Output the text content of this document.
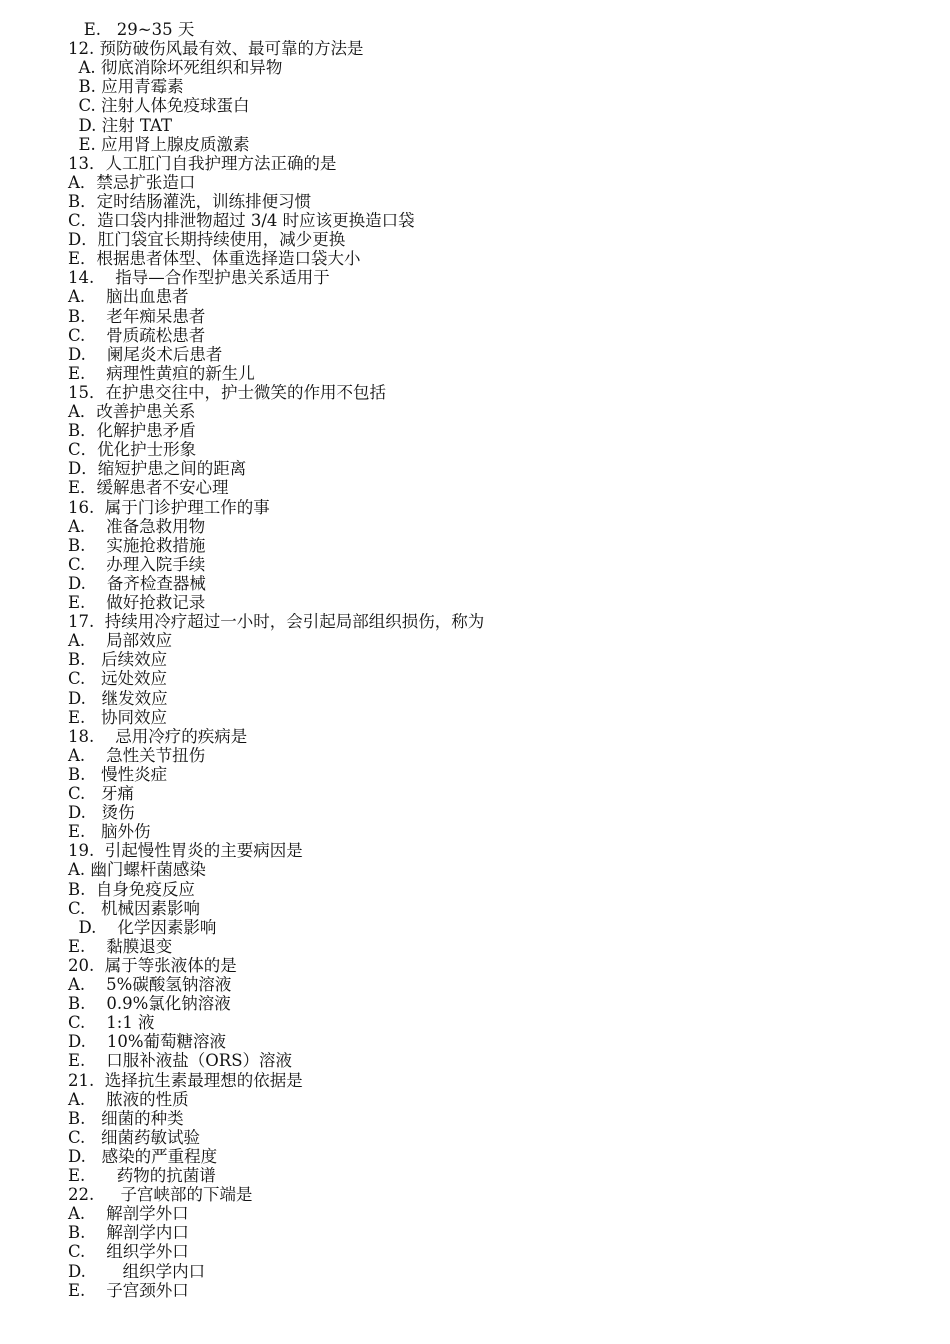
E.   29~35 天
12. 预防破伤风最有效、最可靠的方法是
A. 彻底消除坏死组织和异物
B. 应用青霉素
C. 注射人体免疫球蛋白
D. 注射 TAT
E. 应用肾上腺皮质激素
13．人工肛门自我护理方法正确的是
A．禁忌扩张造口
B．定时结肠灌洗，训练排便习惯
C．造口袋内排泄物超过 3/4 时应该更换造口袋
D．肛门袋宜长期持续使用，减少更换
E．根据患者体型、体重选择造口袋大小
14.    指导—合作型护患关系适用于
A.    脑出血患者
B.    老年痴呆患者
C.    骨质疏松患者
D.    阑尾炎术后患者
E.    病理性黄疸的新生儿
15．在护患交往中，护士微笑的作用不包括
A．改善护患关系
B．化解护患矛盾
C．优化护士形象
D．缩短护患之间的距离
E．缓解患者不安心理
16.  属于门诊护理工作的事
A.    准备急救用物
B.    实施抢救措施
C.    办理入院手续
D.    备齐检查器械
E.    做好抢救记录
17.  持续用冷疗超过一小时，会引起局部组织损伤，称为
A.    局部效应
B.   后续效应
C.   远处效应
D.   继发效应
E.   协同效应
18.    忌用冷疗的疾病是
A.    急性关节扭伤
B.   慢性炎症
C.   牙痛
D.   烫伤
E.   脑外伤
19.  引起慢性胃炎的主要病因是
A. 幽门螺杆菌感染
B.  自身免疫反应
C.   机械因素影响
D.    化学因素影响
E.    黏膜退变
20.  属于等张液体的是
A.    5%碳酸氢钠溶液
B.    0.9%氯化钠溶液
C.    1:1 液
D.    10%葡萄糖溶液
E.    口服补液盐（ORS）溶液
21.  选择抗生素最理想的依据是
A.    脓液的性质
B.   细菌的种类
C.   细菌药敏试验
D.   感染的严重程度
E.      药物的抗菌谱
22.     子宫峡部的下端是
A.    解剖学外口
B.    解剖学内口
C.    组织学外口
D.       组织学内口
E.    子宫颈外口
